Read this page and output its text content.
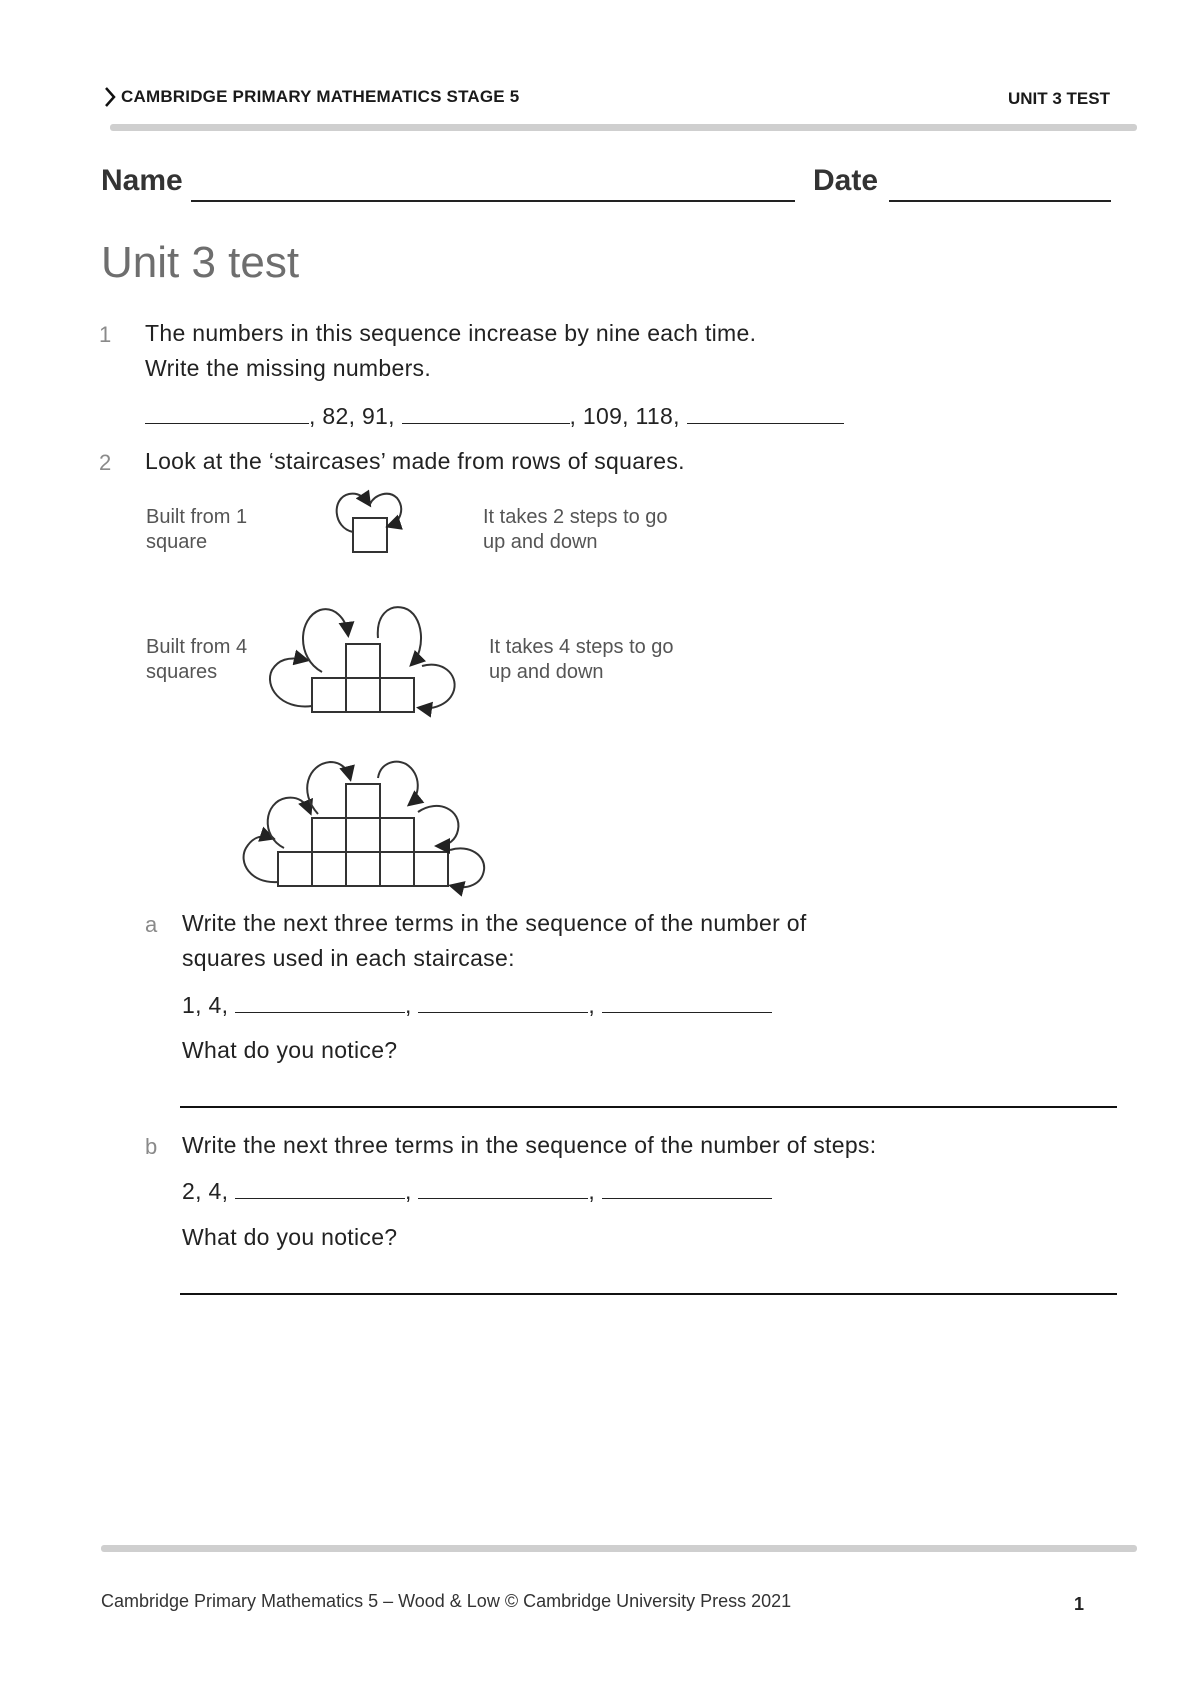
CAMBRIDGE PRIMARY MATHEMATICS STAGE 5	UNIT 3 TEST
Name	Date
Unit 3 test
1 The numbers in this sequence increase by nine each time.
Write the missing numbers.
, 82, 91,	, 109, 118,
2 Look at the ‘staircases’ made from rows of squares.
Built from 1
square
It takes 2 steps to go
up and down
Built from 4
squares
It takes 4 steps to go
up and down
a Write the next three terms in the sequence of the number of
squares used in each staircase:
1, 4,	,	,
What do you notice?
b Write the next three terms in the sequence of the number of steps:
2, 4,	,	,
What do you notice?
Cambridge Primary Mathematics 5 – Wood & Low © Cambridge University Press 2021	1
